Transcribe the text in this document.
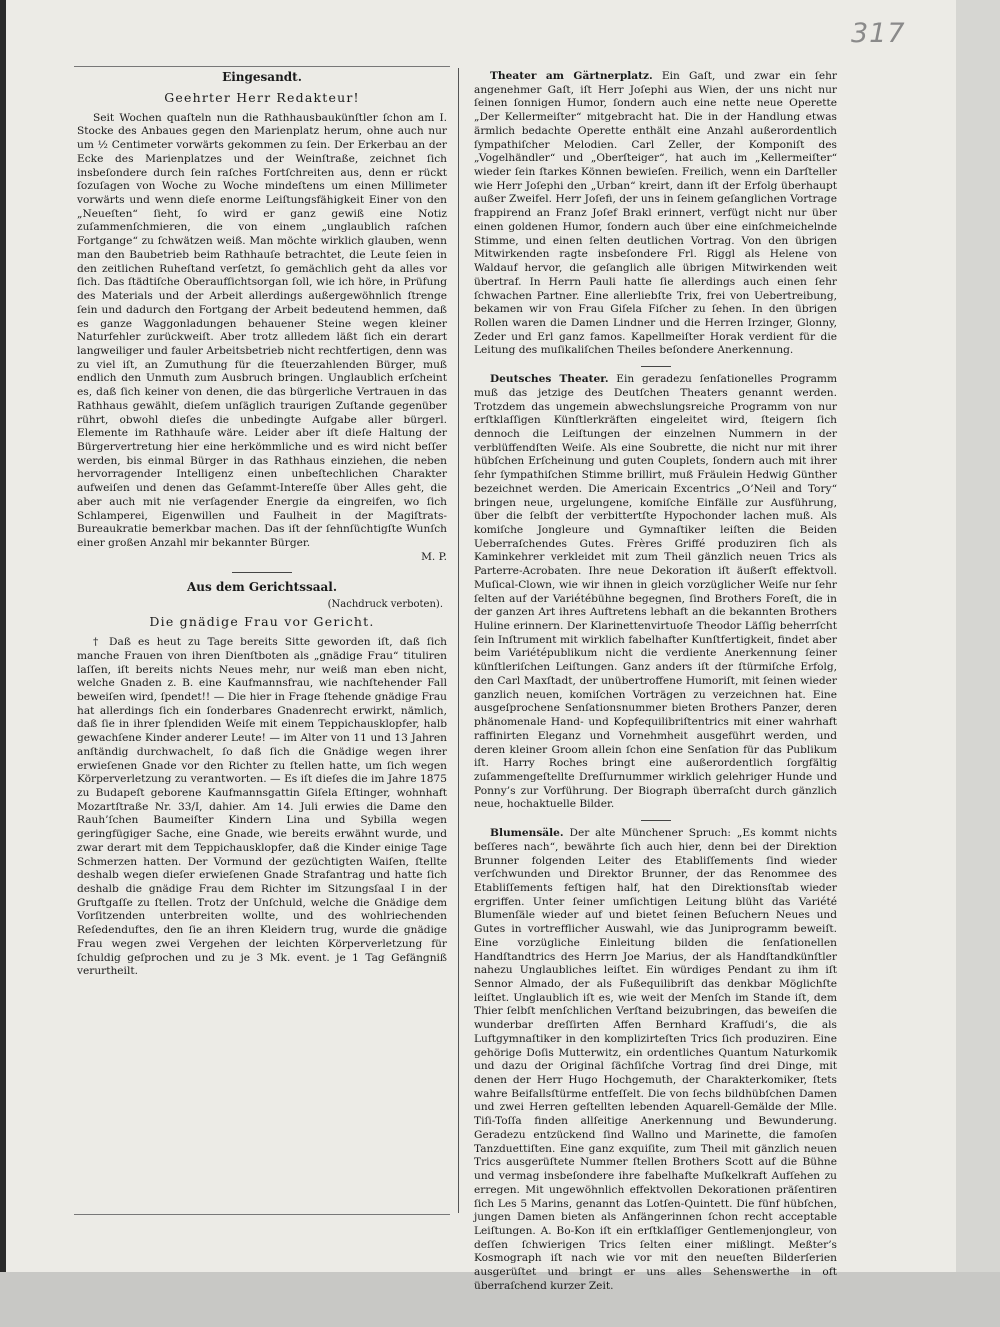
317
Eingesandt.
Geehrter Herr Redakteur!

Seit Wochen quaſteln nun die Rathhausbaukünſtler ſchon am I. Stocke des Anbaues gegen den Marienplatz herum, ohne auch nur um ½ Centimeter vorwärts gekommen zu ſein. Der Erkerbau an der Ecke des Marienplatzes und der Weinſtraße, zeichnet ſich insbeſondere durch ſein raſches Fortſchreiten aus, denn er rückt ſozuſagen von Woche zu Woche mindeſtens um einen Millimeter vorwärts und wenn dieſe enorme Leiſtungsfähigkeit Einer von den „Neueſten“ ſieht, ſo wird er ganz gewiß eine Notiz zuſammenſchmieren, die von einem „unglaublich raſchen Fortgange“ zu ſchwätzen weiß. Man möchte wirklich glauben, wenn man den Baubetrieb beim Rathhauſe betrachtet, die Leute ſeien in den zeitlichen Ruheſtand verſetzt, ſo gemächlich geht da alles vor ſich. Das ſtädtiſche Oberaufſichtsorgan ſoll, wie ich höre, in Prüfung des Materials und der Arbeit allerdings außergewöhnlich ſtrenge ſein und dadurch den Fortgang der Arbeit bedeutend hemmen, daß es ganze Waggonladungen behauener Steine wegen kleiner Naturfehler zurückweiſt. Aber trotz allledem läßt ſich ein derart langweiliger und fauler Arbeitsbetrieb nicht rechtfertigen, denn was zu viel iſt, an Zumuthung für die ſteuerzahlenden Bürger, muß endlich den Unmuth zum Ausbruch bringen. Unglaublich erſcheint es, daß ſich keiner von denen, die das bürgerliche Vertrauen in das Rathhaus gewählt, dieſem unſäglich traurigen Zuſtande gegenüber rührt, obwohl dieſes die unbedingte Aufgabe aller bürgerl. Elemente im Rathhauſe wäre. Leider aber iſt dieſe Haltung der Bürgervertretung hier eine herkömmliche und es wird nicht beſſer werden, bis einmal Bürger in das Rathhaus einziehen, die neben hervorragender Intelligenz einen unbeſtechlichen Charakter aufweiſen und denen das Geſammt-Intereſſe über Alles geht, die aber auch mit nie verſagender Energie da eingreifen, wo ſich Schlamperei, Eigenwillen und Faulheit in der Magiſtrats-Bureaukratie bemerkbar machen. Das iſt der ſehnſüchtigſte Wunſch einer großen Anzahl mir bekannter Bürger.

M. P.
Aus dem Gerichtssaal.
(Nachdruck verboten).
Die gnädige Frau vor Gericht.

† Daß es heut zu Tage bereits Sitte geworden iſt, daß ſich manche Frauen von ihren Dienſtboten als „gnädige Frau“ tituliren laſſen, iſt bereits nichts Neues mehr, nur weiß man eben nicht, welche Gnaden z. B. eine Kaufmannsfrau, wie nachſtehender Fall beweiſen wird, ſpendet!! — Die hier in Frage ſtehende gnädige Frau hat allerdings ſich ein ſonderbares Gnadenrecht erwirkt, nämlich, daß ſie in ihrer ſplendiden Weiſe mit einem Teppichausklopfer, halb gewachſene Kinder anderer Leute! — im Alter von 11 und 13 Jahren anſtändig durchwachelt, ſo daß ſich die Gnädige wegen ihrer erwieſenen Gnade vor den Richter zu ſtellen hatte, um ſich wegen Körperverletzung zu verantworten. — Es iſt dieſes die im Jahre 1875 zu Budapeſt geborene Kaufmannsgattin Giſela Eſtinger, wohnhaft Mozartſtraße Nr. 33/I, dahier. Am 14. Juli erwies die Dame den Rauh’ſchen Baumeiſter Kindern Lina und Sybilla wegen geringfügiger Sache, eine Gnade, wie bereits erwähnt wurde, und zwar derart mit dem Teppichausklopfer, daß die Kinder einige Tage Schmerzen hatten. Der Vormund der gezüchtigten Waiſen, ſtellte deshalb wegen dieſer erwieſenen Gnade Strafantrag und hatte ſich deshalb die gnädige Frau dem Richter im Sitzungsſaal I in der Gruftgaſſe zu ſtellen. Trotz der Unſchuld, welche die Gnädige dem Vorſitzenden unterbreiten wollte, und des wohlriechenden Reſedenduftes, den ſie an ihren Kleidern trug, wurde die gnädige Frau wegen zwei Vergehen der leichten Körperverletzung für ſchuldig geſprochen und zu je 3 Mk. event. je 1 Tag Gefängniß verurtheilt.

Theater am Gärtnerplatz. Ein Gaſt, und zwar ein ſehr angenehmer Gaſt, iſt Herr Joſephi aus Wien, der uns nicht nur ſeinen ſonnigen Humor, ſondern auch eine nette neue Operette „Der Kellermeiſter“ mitgebracht hat. Die in der Handlung etwas ärmlich bedachte Operette enthält eine Anzahl außerordentlich ſympathiſcher Melodien. Carl Zeller, der Komponiſt des „Vogelhändler“ und „Oberſteiger“, hat auch im „Kellermeiſter“ wieder ſein ſtarkes Können bewieſen. Freilich, wenn ein Darſteller wie Herr Joſephi den „Urban“ kreirt, dann iſt der Erfolg überhaupt außer Zweifel. Herr Joſefi, der uns in ſeinem geſanglichen Vortrage frappirend an Franz Joſef Brakl erinnert, verfügt nicht nur über einen goldenen Humor, ſondern auch über eine einſchmeichelnde Stimme, und einen ſelten deutlichen Vortrag. Von den übrigen Mitwirkenden ragte insbeſondere Frl. Riggl als Helene von Waldauf hervor, die geſanglich alle übrigen Mitwirkenden weit übertraf. In Herrn Pauli hatte ſie allerdings auch einen ſehr ſchwachen Partner. Eine allerliebſte Trix, frei von Uebertreibung, bekamen wir von Frau Giſela Fiſcher zu ſehen. In den übrigen Rollen waren die Damen Lindner und die Herren Irzinger, Glonny, Zeder und Erl ganz famos. Kapellmeiſter Horak verdient für die Leitung des muſikaliſchen Theiles beſondere Anerkennung.

Deutsches Theater. Ein geradezu ſenſationelles Programm muß das jetzige des Deutſchen Theaters genannt werden. Trotzdem das ungemein abwechslungsreiche Programm von nur erſtklaſſigen Künſtlerkräften eingeleitet wird, ſteigern ſich dennoch die Leiſtungen der einzelnen Nummern in der verblüffendſten Weiſe. Als eine Soubrette, die nicht nur mit ihrer hübſchen Erſcheinung und guten Couplets, ſondern auch mit ihrer ſehr ſympathiſchen Stimme brillirt, muß Fräulein Hedwig Günther bezeichnet werden. Die Americain Excentrics „O’Neil and Tory“ bringen neue, urgelungene, komiſche Einfälle zur Ausführung, über die ſelbſt der verbittertſte Hypochonder lachen muß. Als komiſche Jongleure und Gymnaſtiker leiſten die Beiden Ueberraſchendes Gutes. Frères Griffé produziren ſich als Kaminkehrer verkleidet mit zum Theil gänzlich neuen Trics als Parterre-Acrobaten. Ihre neue Dekoration iſt äußerſt effektvoll. Muſical-Clown, wie wir ihnen in gleich vorzüglicher Weiſe nur ſehr ſelten auf der Variétébühne begegnen, ſind Brothers Foreſt, die in der ganzen Art ihres Auftretens lebhaft an die bekannten Brothers Huline erinnern. Der Klarinettenvirtuoſe Theodor Läſſig beherrſcht ſein Inſtrument mit wirklich fabelhafter Kunſtfertigkeit, findet aber beim Variétépublikum nicht die verdiente Anerkennung ſeiner künſtleriſchen Leiſtungen. Ganz anders iſt der ſtürmiſche Erfolg, den Carl Maxſtadt, der unübertroffene Humoriſt, mit ſeinen wieder ganzlich neuen, komiſchen Vorträgen zu verzeichnen hat. Eine ausgeſprochene Senſationsnummer bieten Brothers Panzer, deren phänomenale Hand- und Kopfequilibriſtentrics mit einer wahrhaft raffinirten Eleganz und Vornehmheit ausgeführt werden, und deren kleiner Groom allein ſchon eine Senſation für das Publikum iſt. Harry Roches bringt eine außerordentlich ſorgfältig zuſammengeſtellte Dreſſurnummer wirklich gelehriger Hunde und Ponny’s zur Vorführung. Der Biograph überraſcht durch gänzlich neue, hochaktuelle Bilder.

Blumensäle. Der alte Münchener Spruch: „Es kommt nichts beſſeres nach“, bewährte ſich auch hier, denn bei der Direktion Brunner folgenden Leiter des Etabliſſements ſind wieder verſchwunden und Direktor Brunner, der das Renommee des Etabliſſements feſtigen half, hat den Direktionsſtab wieder ergriffen. Unter ſeiner umſichtigen Leitung blüht das Variété Blumenſäle wieder auf und bietet ſeinen Beſuchern Neues und Gutes in vortrefflicher Auswahl, wie das Juniprogramm beweiſt. Eine vorzügliche Einleitung bilden die ſenſationellen Handſtandtrics des Herrn Joe Marius, der als Handſtandkünſtler nahezu Unglaubliches leiſtet. Ein würdiges Pendant zu ihm iſt Sennor Almado, der als Fußequilibriſt das denkbar Möglichſte leiſtet. Unglaublich iſt es, wie weit der Menſch im Stande iſt, dem Thier ſelbſt menſchlichen Verſtand beizubringen, das beweiſen die wunderbar dreſſirten Affen Bernhard Krafſudi’s, die als Luftgymnaſtiker in den komplizirteſten Trics ſich produziren. Eine gehörige Doſis Mutterwitz, ein ordentliches Quantum Naturkomik und dazu der Original ſächſiſche Vortrag ſind drei Dinge, mit denen der Herr Hugo Hochgemuth, der Charakterkomiker, ſtets wahre Beifallsſtürme entfeſſelt. Die von ſechs bildhübſchen Damen und zwei Herren geſtellten lebenden Aquarell-Gemälde der Mlle. Tiſi-Toſſa finden allſeitige Anerkennung und Bewunderung. Geradezu entzückend ſind Wallno und Marinette, die famoſen Tanzduettiſten. Eine ganz exquiſite, zum Theil mit gänzlich neuen Trics ausgerüſtete Nummer ſtellen Brothers Scott auf die Bühne und vermag insbeſondere ihre fabelhafte Muſkelkraft Aufſehen zu erregen. Mit ungewöhnlich effektvollen Dekorationen präſentiren ſich Les 5 Marins, genannt das Lotſen-Quintett. Die fünf hübſchen, jungen Damen bieten als Anfängerinnen ſchon recht acceptable Leiſtungen. A. Bo-Kon iſt ein erſtklaſſiger Gentlemenjongleur, von deſſen ſchwierigen Trics ſelten einer mißlingt. Meßter’s Kosmograph iſt nach wie vor mit den neueſten Bilderſerien ausgerüſtet und bringt er uns alles Sehenswerthe in oft überraſchend kurzer Zeit.
